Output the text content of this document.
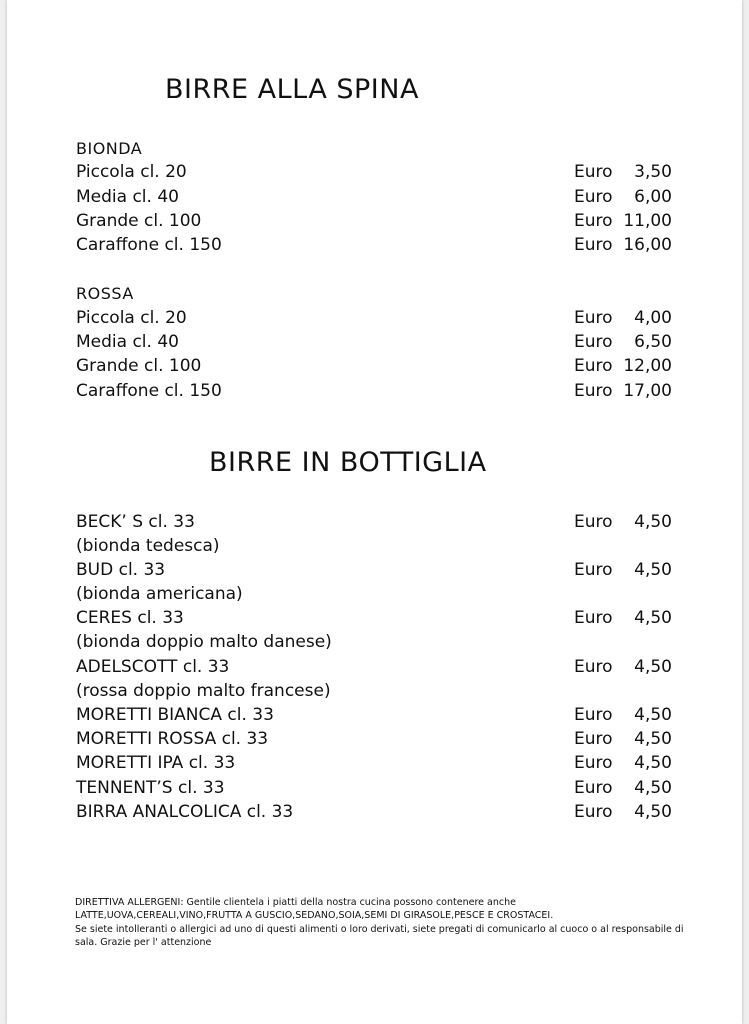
BIRRE ALLA SPINA
BIONDA
Piccola cl. 20	Euro 3,50
Media cl. 40	Euro 6,00
Grande cl. 100	Euro 11,00
Caraffone cl. 150	Euro 16,00
ROSSA
Piccola cl. 20	Euro 4,00
Media cl. 40	Euro 6,50
Grande cl. 100	Euro 12,00
Caraffone cl. 150	Euro 17,00
BIRRE IN BOTTIGLIA
BECK’ S cl. 33	Euro 4,50
(bionda tedesca)
BUD cl. 33	Euro 4,50
(bionda americana)
CERES cl. 33	Euro 4,50
(bionda doppio malto danese)
ADELSCOTT cl. 33	Euro 4,50
(rossa doppio malto francese)
MORETTI BIANCA cl. 33	Euro 4,50
MORETTI ROSSA cl. 33	Euro 4,50
MORETTI IPA cl. 33	Euro 4,50
TENNENT’S cl. 33	Euro 4,50
BIRRA ANALCOLICA cl. 33	Euro 4,50
DIRETTIVA ALLERGENI: Gentile clientela i piatti della nostra cucina possono contenere anche
LATTE,UOVA,CEREALI,VINO,FRUTTA A GUSCIO,SEDANO,SOIA,SEMI DI GIRASOLE,PESCE E CROSTACEI.
Se siete intolleranti o allergici ad uno di questi alimenti o loro derivati, siete pregati di comunicarlo al cuoco o al responsabile di
sala. Grazie per l' attenzione
